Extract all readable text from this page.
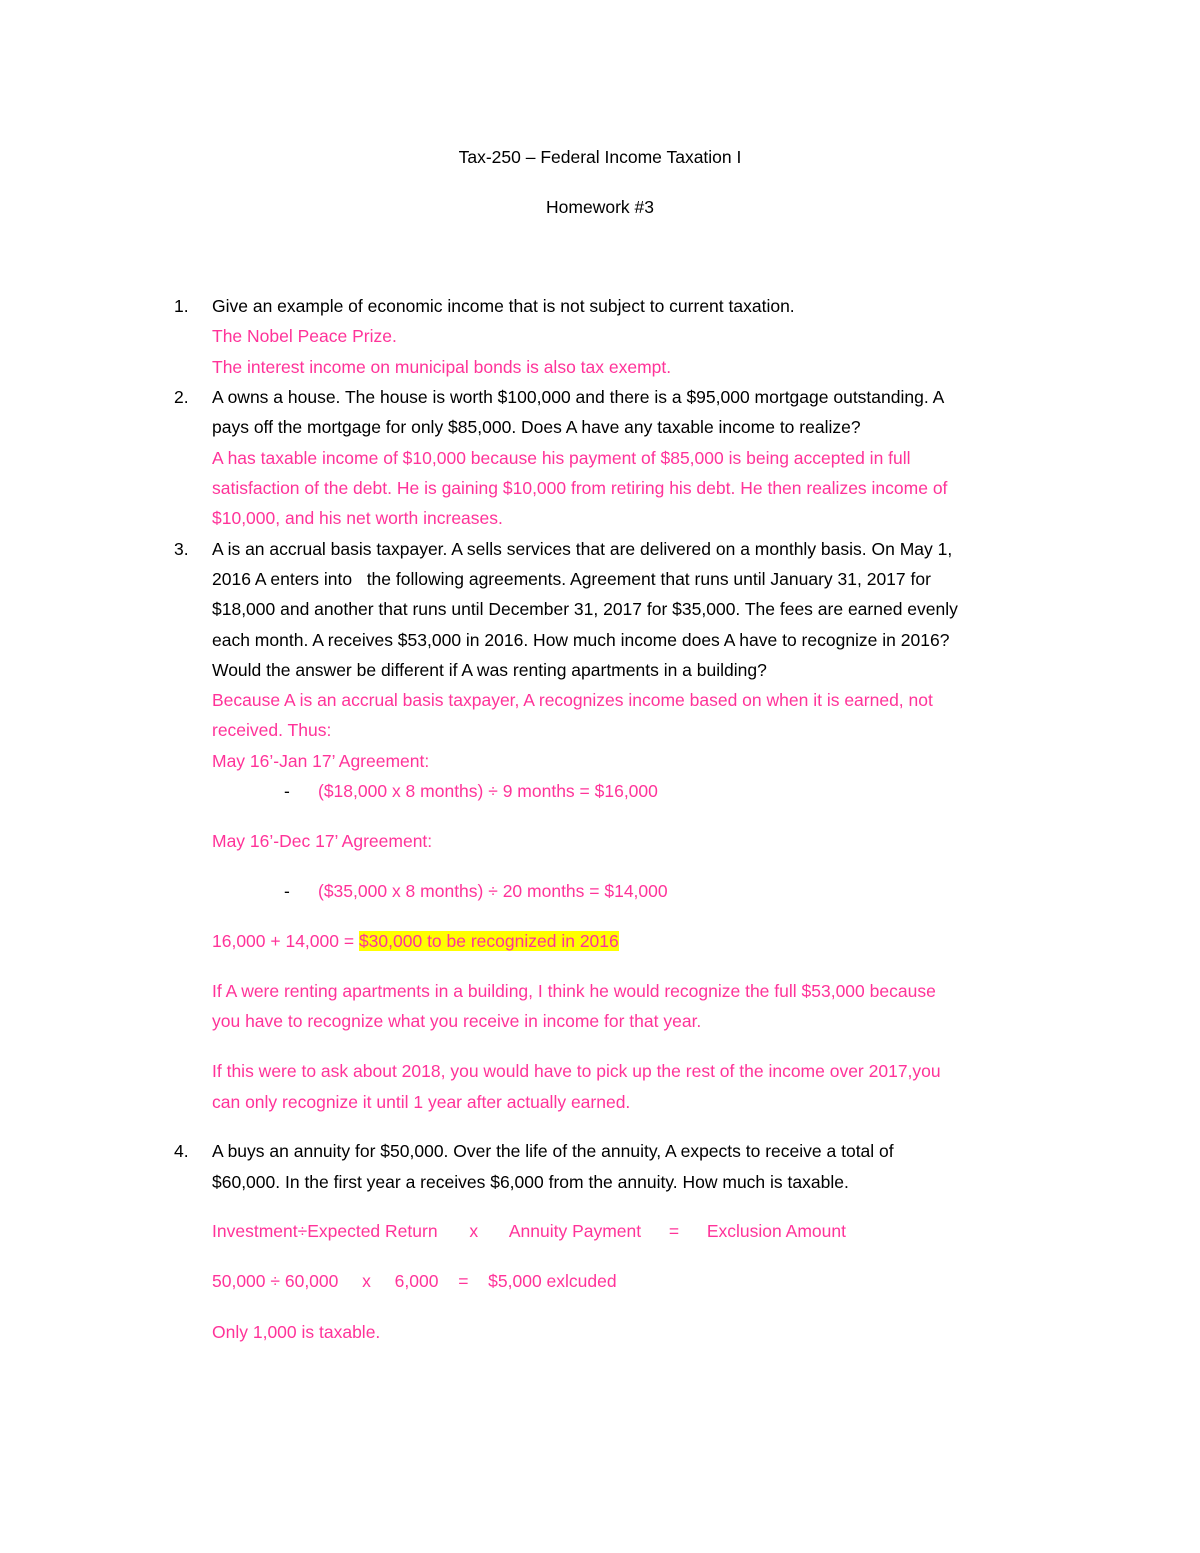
Tax-250 – Federal Income Taxation I
Homework #3
1. Give an example of economic income that is not subject to current taxation.
The Nobel Peace Prize.
The interest income on municipal bonds is also tax exempt.
2. A owns a house. The house is worth $100,000 and there is a $95,000 mortgage outstanding. A
pays off the mortgage for only $85,000. Does A have any taxable income to realize?
A has taxable income of $10,000 because his payment of $85,000 is being accepted in full
satisfaction of the debt. He is gaining $10,000 from retiring his debt. He then realizes income of
$10,000, and his net worth increases.
3. A is an accrual basis taxpayer. A sells services that are delivered on a monthly basis. On May 1,
2016 A enters into   the following agreements. Agreement that runs until January 31, 2017 for
$18,000 and another that runs until December 31, 2017 for $35,000. The fees are earned evenly
each month. A receives $53,000 in 2016. How much income does A have to recognize in 2016?
Would the answer be different if A was renting apartments in a building?
Because A is an accrual basis taxpayer, A recognizes income based on when it is earned, not
received. Thus:
May 16’-Jan 17’ Agreement:
- ($18,000 x 8 months) ÷ 9 months = $16,000
May 16’-Dec 17’ Agreement:
- ($35,000 x 8 months) ÷ 20 months = $14,000
16,000 + 14,000 = $30,000 to be recognized in 2016
If A were renting apartments in a building, I think he would recognize the full $53,000 because
you have to recognize what you receive in income for that year.
If this were to ask about 2018, you would have to pick up the rest of the income over 2017,you
can only recognize it until 1 year after actually earned.
4. A buys an annuity for $50,000. Over the life of the annuity, A expects to receive a total of
$60,000. In the first year a receives $6,000 from the annuity. How much is taxable.
Investment÷Expected Return x Annuity Payment = Exclusion Amount
50,000 ÷ 60,000 x 6,000 = $5,000 exlcuded
Only 1,000 is taxable.
